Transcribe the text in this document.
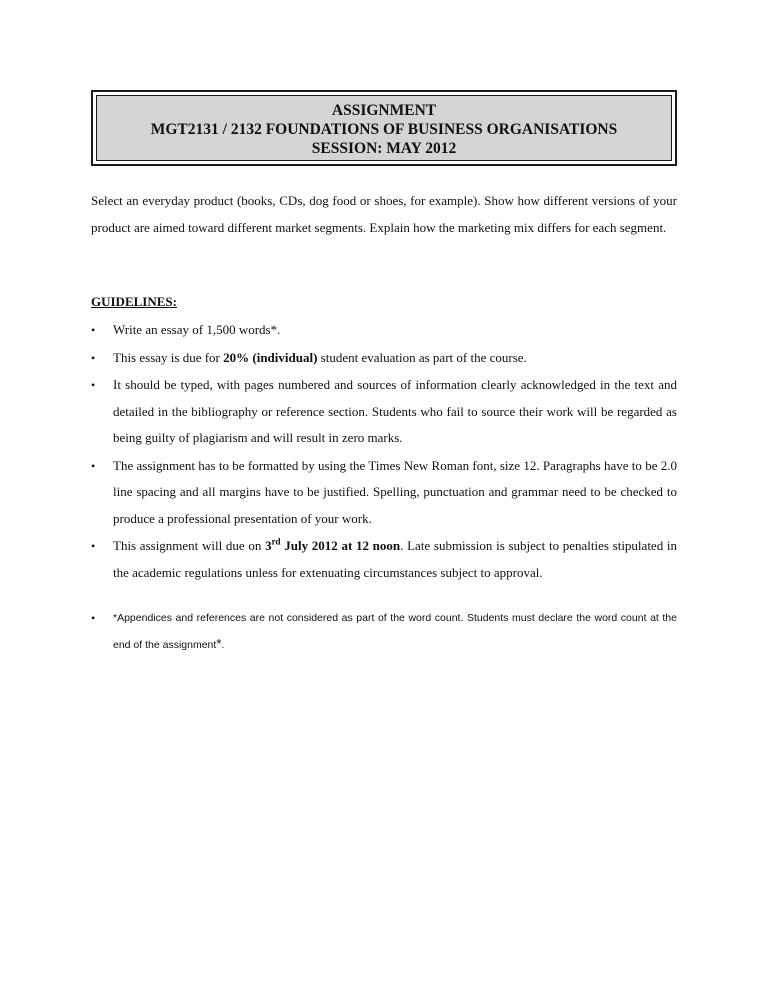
ASSIGNMENT
MGT2131 / 2132 FOUNDATIONS OF BUSINESS ORGANISATIONS
SESSION: MAY 2012

Select an everyday product (books, CDs, dog food or shoes, for example). Show how different versions of your product are aimed toward different market segments. Explain how the marketing mix differs for each segment.

GUIDELINES:

• Write an essay of 1,500 words*.
• This essay is due for 20% (individual) student evaluation as part of the course.
• It should be typed, with pages numbered and sources of information clearly acknowledged in the text and detailed in the bibliography or reference section. Students who fail to source their work will be regarded as being guilty of plagiarism and will result in zero marks.
• The assignment has to be formatted by using the Times New Roman font, size 12. Paragraphs have to be 2.0 line spacing and all margins have to be justified. Spelling, punctuation and grammar need to be checked to produce a professional presentation of your work.
• This assignment will due on 3rd July 2012 at 12 noon. Late submission is subject to penalties stipulated in the academic regulations unless for extenuating circumstances subject to approval.
• *Appendices and references are not considered as part of the word count. Students must declare the word count at the end of the assignment*.
